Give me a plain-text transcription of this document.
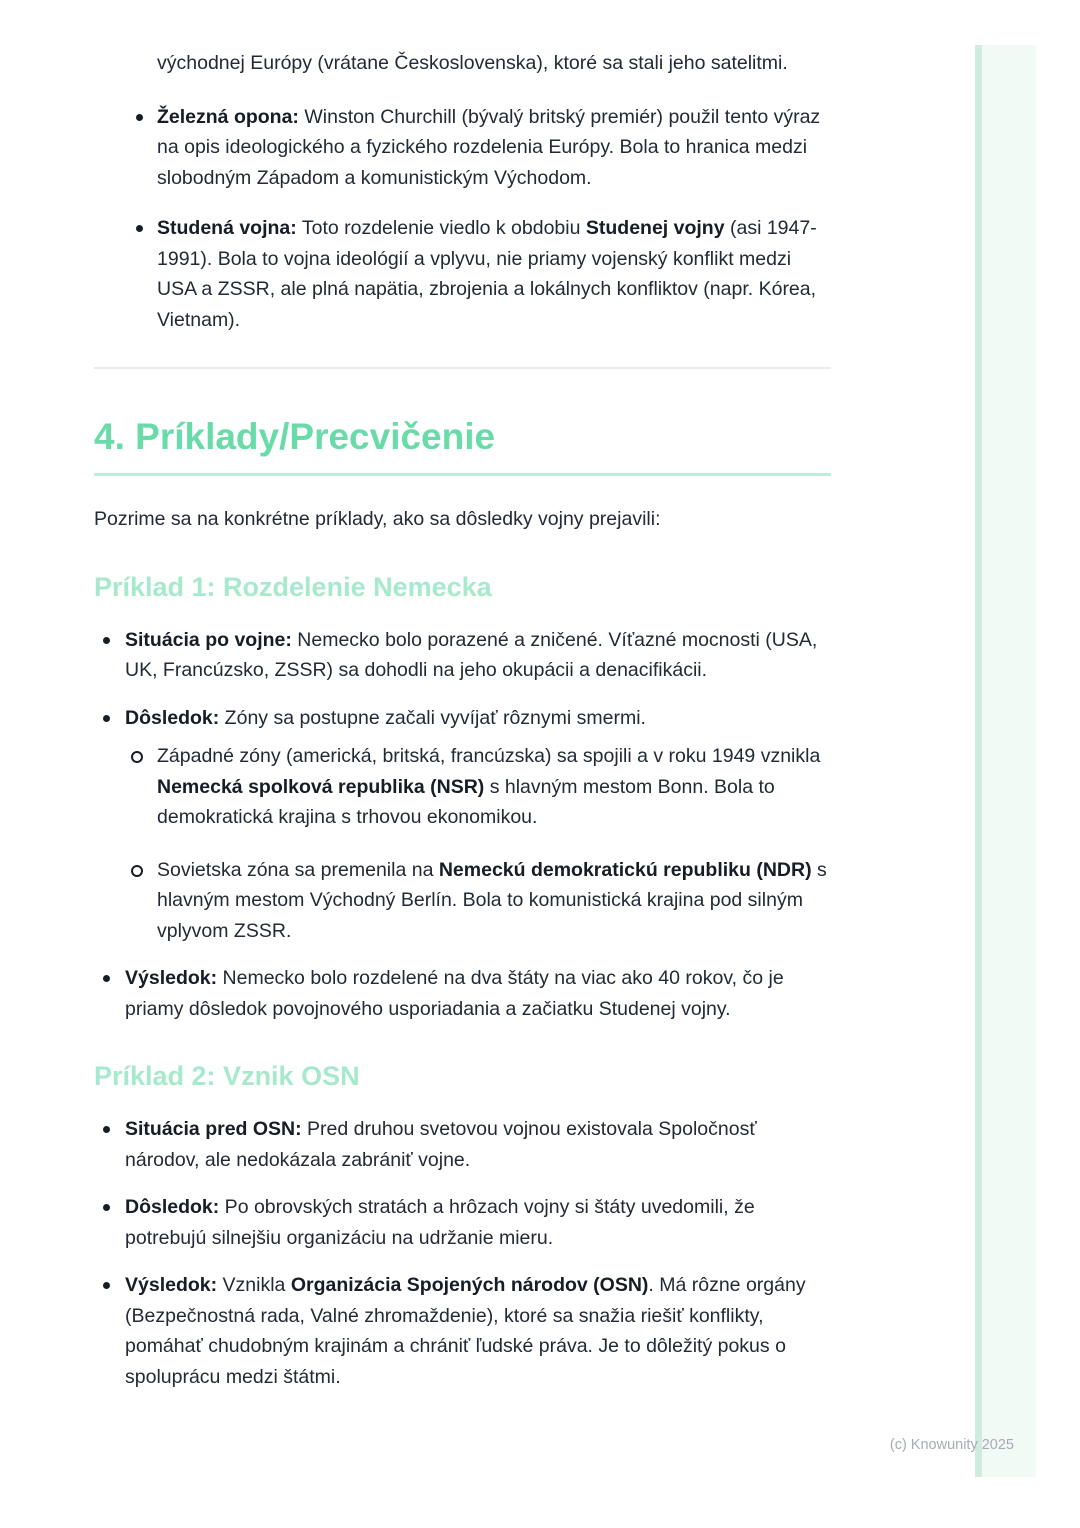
východnej Európy (vrátane Československa), ktoré sa stali jeho satelitmi.

Železná opona: Winston Churchill (bývalý britský premiér) použil tento výraz na opis ideologického a fyzického rozdelenia Európy. Bola to hranica medzi slobodným Západom a komunistickým Východom.
Studená vojna: Toto rozdelenie viedlo k obdobiu Studenej vojny (asi 1947-1991). Bola to vojna ideológií a vplyvu, nie priamy vojenský konflikt medzi USA a ZSSR, ale plná napätia, zbrojenia a lokálnych konfliktov (napr. Kórea, Vietnam).
4. Príklady/Precvičenie

Pozrime sa na konkrétne príklady, ako sa dôsledky vojny prejavili:

Príklad 1: Rozdelenie Nemecka
Situácia po vojne: Nemecko bolo porazené a zničené. Víťazné mocnosti (USA, UK, Francúzsko, ZSSR) sa dohodli na jeho okupácii a denacifikácii.
Dôsledok: Zóny sa postupne začali vyvíjať rôznymi smermi.
Západné zóny (americká, britská, francúzska) sa spojili a v roku 1949 vznikla Nemecká spolková republika (NSR) s hlavným mestom Bonn. Bola to demokratická krajina s trhovou ekonomikou.
Sovietska zóna sa premenila na Nemeckú demokratickú republiku (NDR) s hlavným mestom Východný Berlín. Bola to komunistická krajina pod silným vplyvom ZSSR.
Výsledok: Nemecko bolo rozdelené na dva štáty na viac ako 40 rokov, čo je priamy dôsledok povojnového usporiadania a začiatku Studenej vojny.
Príklad 2: Vznik OSN
Situácia pred OSN: Pred druhou svetovou vojnou existovala Spoločnosť národov, ale nedokázala zabrániť vojne.
Dôsledok: Po obrovských stratách a hrôzach vojny si štáty uvedomili, že potrebujú silnejšiu organizáciu na udržanie mieru.
Výsledok: Vznikla Organizácia Spojených národov (OSN). Má rôzne orgány (Bezpečnostná rada, Valné zhromaždenie), ktoré sa snažia riešiť konflikty, pomáhať chudobným krajinám a chrániť ľudské práva. Je to dôležitý pokus o spoluprácu medzi štátmi.
(c) Knowunity 2025
